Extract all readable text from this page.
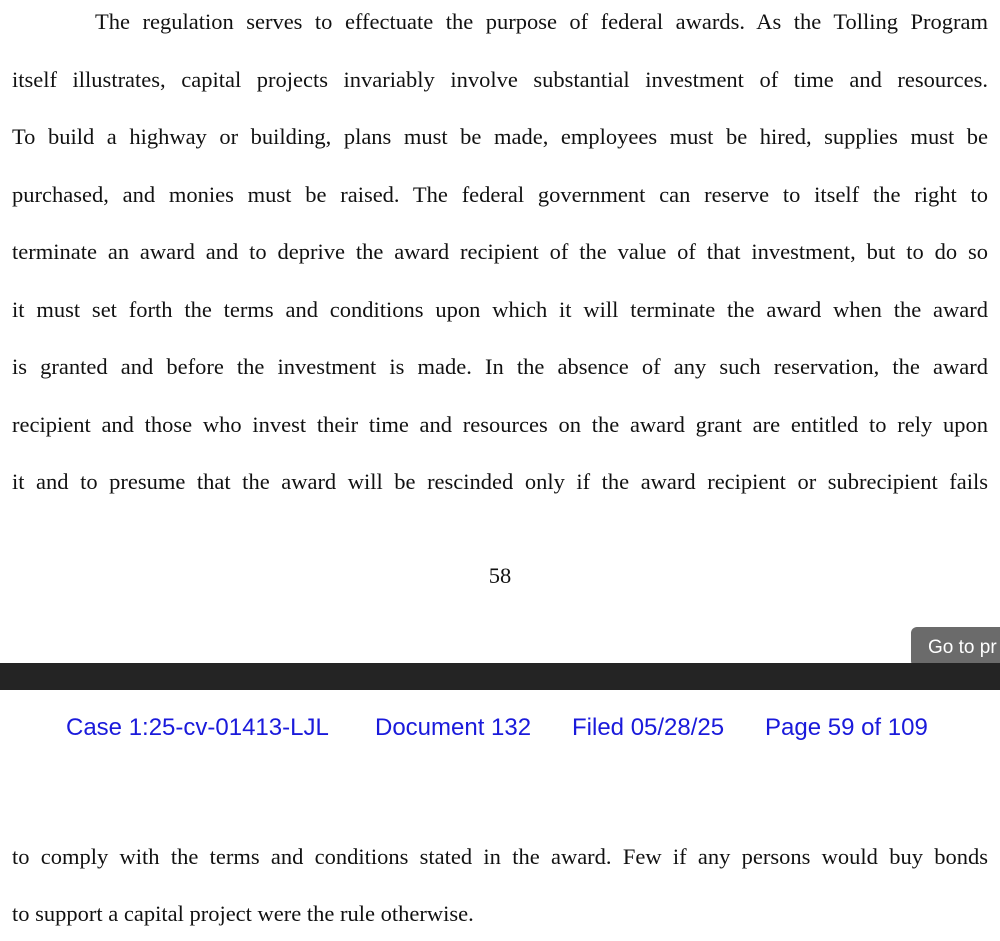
The regulation serves to effectuate the purpose of federal awards. As the Tolling Program
itself illustrates, capital projects invariably involve substantial investment of time and resources.
To build a highway or building, plans must be made, employees must be hired, supplies must be
purchased, and monies must be raised. The federal government can reserve to itself the right to
terminate an award and to deprive the award recipient of the value of that investment, but to do so
it must set forth the terms and conditions upon which it will terminate the award when the award
is granted and before the investment is made. In the absence of any such reservation, the award
recipient and those who invest their time and resources on the award grant are entitled to rely upon
it and to presume that the award will be rescinded only if the award recipient or subrecipient fails
58
Go to pr
Case 1:25-cv-01413-LJL Document 132 Filed 05/28/25 Page 59 of 109
to comply with the terms and conditions stated in the award. Few if any persons would buy bonds
to support a capital project were the rule otherwise.
